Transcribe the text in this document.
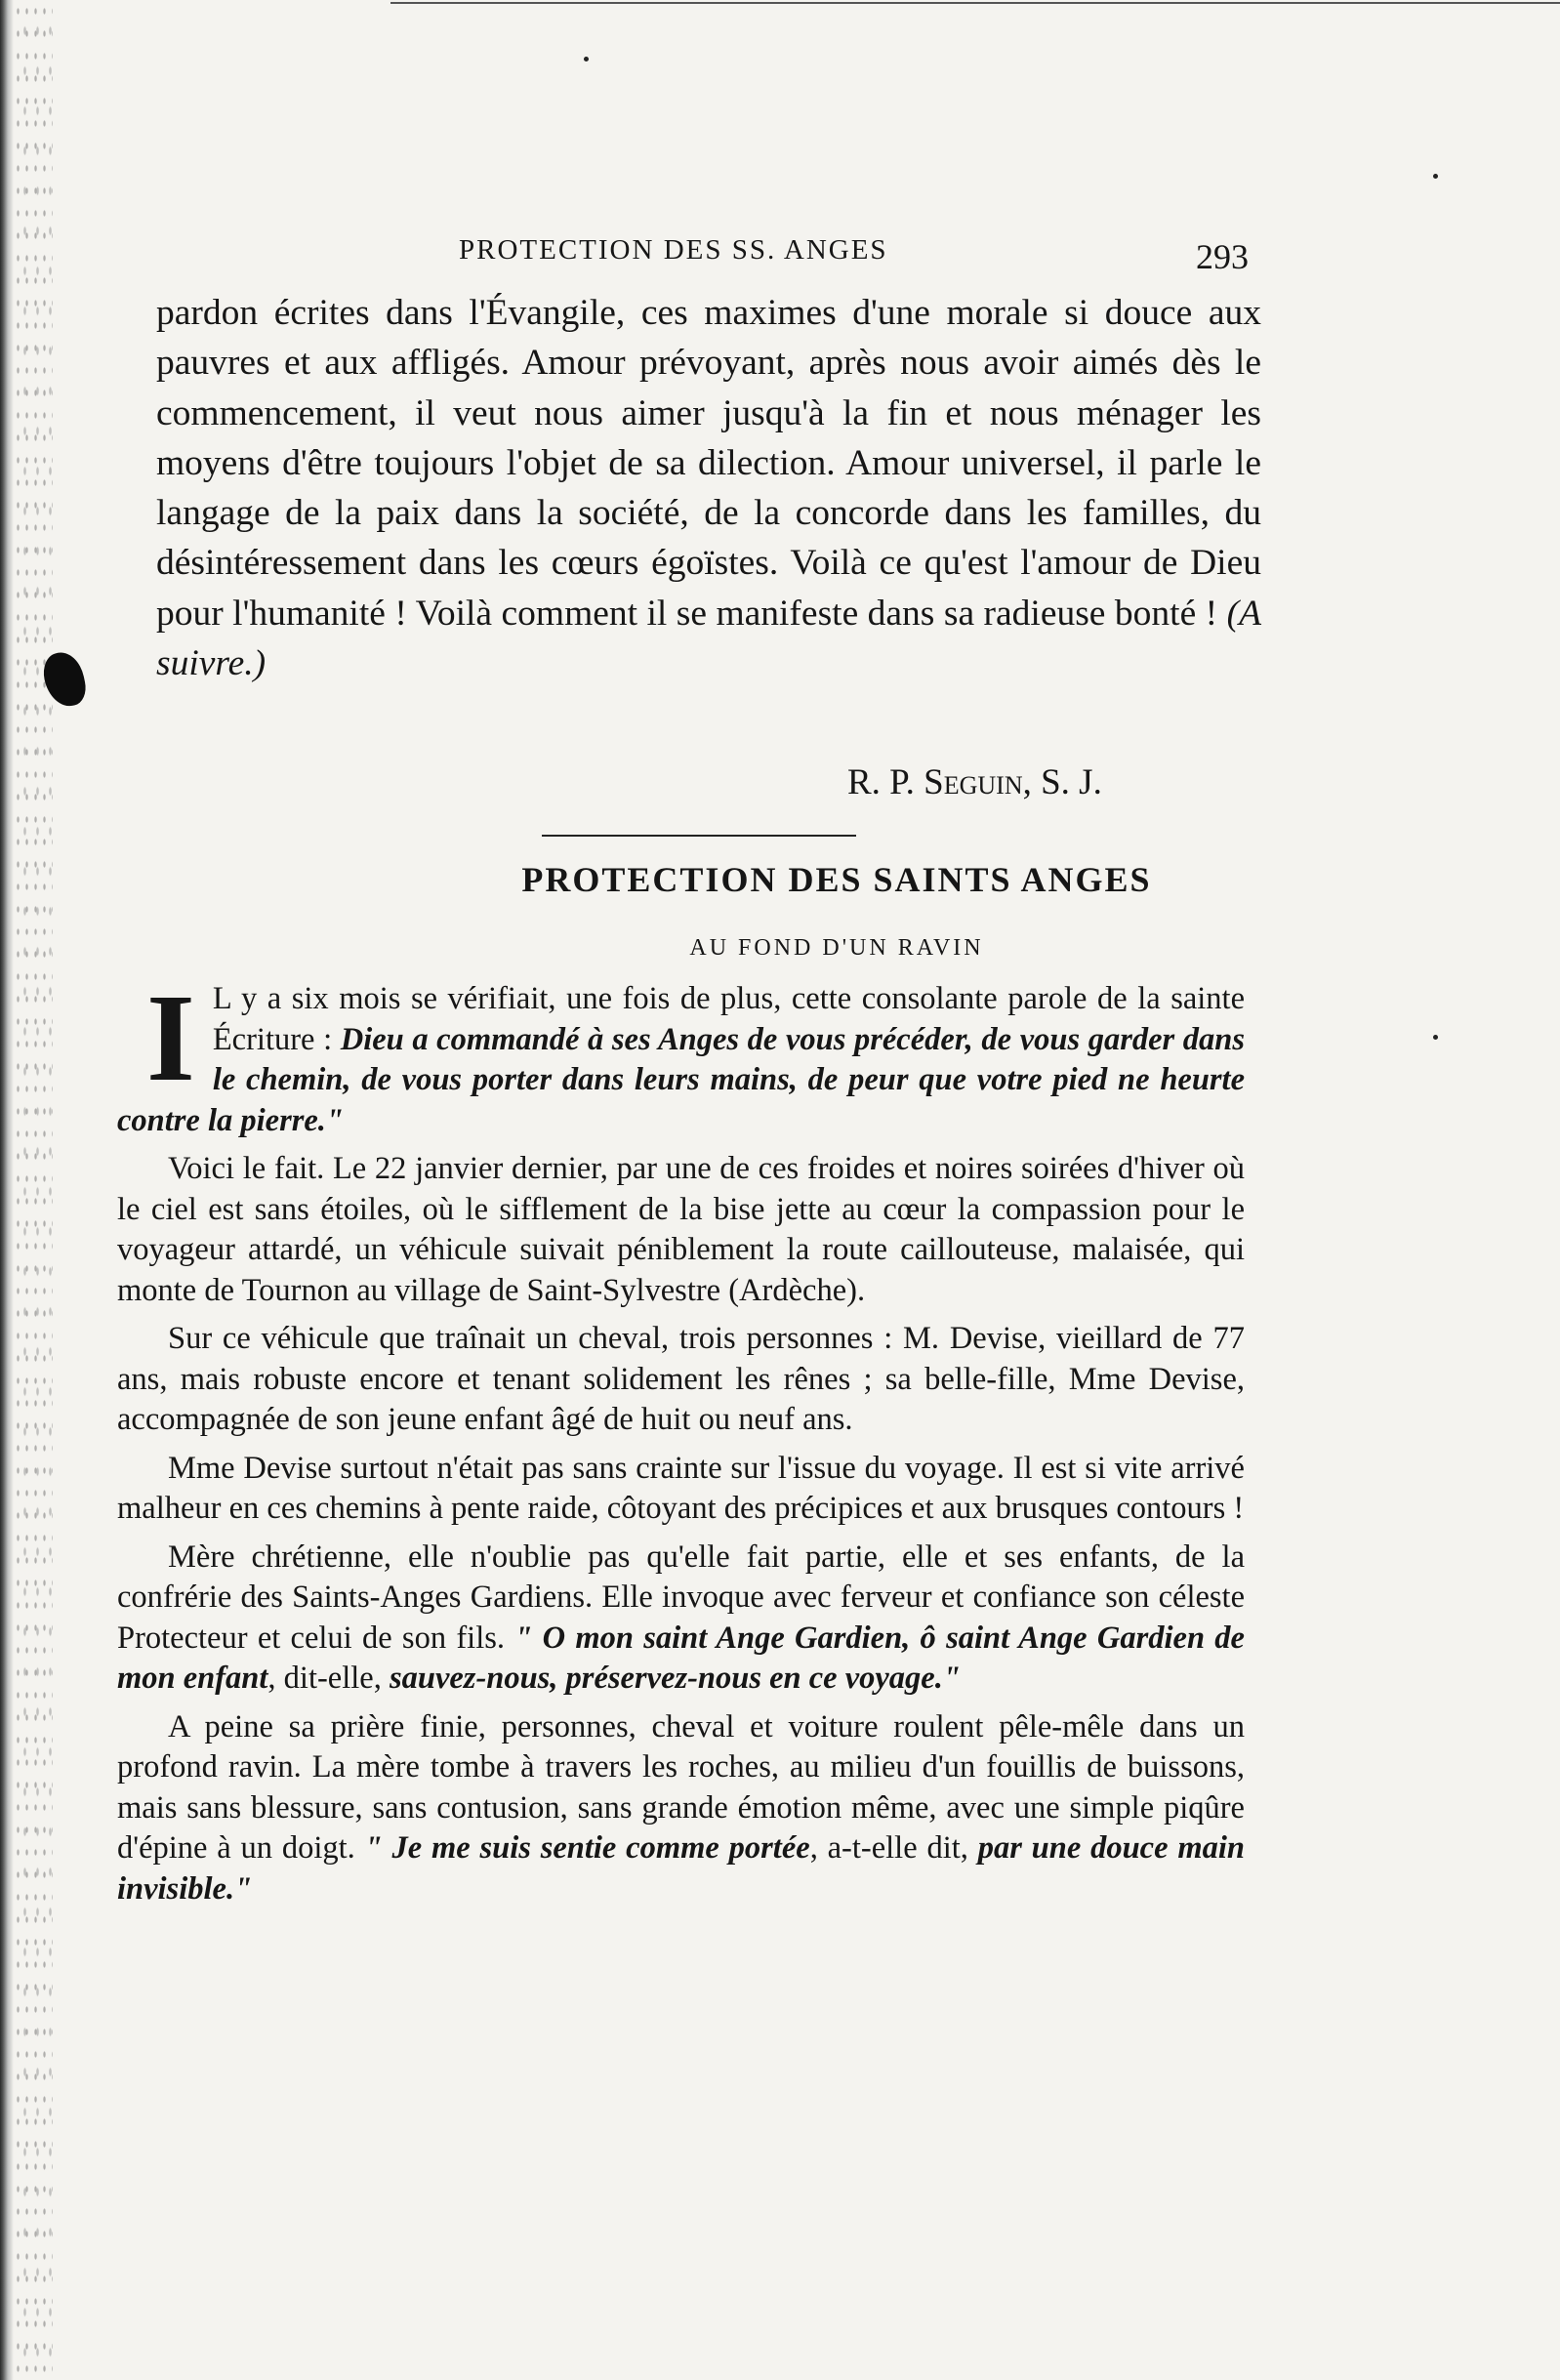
PROTECTION DES SS. ANGES	293

pardon écrites dans l'Évangile, ces maximes d'une morale si douce aux pauvres et aux affligés. Amour prévoyant, après nous avoir aimés dès le commencement, il veut nous aimer jusqu'à la fin et nous ménager les moyens d'être toujours l'objet de sa dilection. Amour universel, il parle le langage de la paix dans la société, de la concorde dans les familles, du désintéressement dans les cœurs égoïstes. Voilà ce qu'est l'amour de Dieu pour l'humanité ! Voilà comment il se manifeste dans sa radieuse bonté ! (A suivre.)

R. P. Seguin, S. J.
PROTECTION DES SAINTS ANGES
AU FOND D'UN RAVIN

I L y a six mois se vérifiait, une fois de plus, cette consolante parole de la sainte Écriture : Dieu a commandé à ses Anges de vous précéder, de vous garder dans le chemin, de vous porter dans leurs mains, de peur que votre pied ne heurte contre la pierre."

Voici le fait. Le 22 janvier dernier, par une de ces froides et noires soirées d'hiver où le ciel est sans étoiles, où le sifflement de la bise jette au cœur la compassion pour le voyageur attardé, un véhicule suivait péniblement la route caillouteuse, malaisée, qui monte de Tournon au village de Saint-Sylvestre (Ardèche).

Sur ce véhicule que traînait un cheval, trois personnes : M. Devise, vieillard de 77 ans, mais robuste encore et tenant solidement les rênes ; sa belle-fille, Mme Devise, accompagnée de son jeune enfant âgé de huit ou neuf ans.

Mme Devise surtout n'était pas sans crainte sur l'issue du voyage. Il est si vite arrivé malheur en ces chemins à pente raide, côtoyant des précipices et aux brusques contours !

Mère chrétienne, elle n'oublie pas qu'elle fait partie, elle et ses enfants, de la confrérie des Saints-Anges Gardiens. Elle invoque avec ferveur et confiance son céleste Protecteur et celui de son fils. " O mon saint Ange Gardien, ô saint Ange Gardien de mon enfant, dit-elle, sauvez-nous, préservez-nous en ce voyage."

A peine sa prière finie, personnes, cheval et voiture roulent pêle-mêle dans un profond ravin. La mère tombe à travers les roches, au milieu d'un fouillis de buissons, mais sans blessure, sans contusion, sans grande émotion même, avec une simple piqûre d'épine à un doigt. " Je me suis sentie comme portée, a-t-elle dit, par une douce main invisible."
